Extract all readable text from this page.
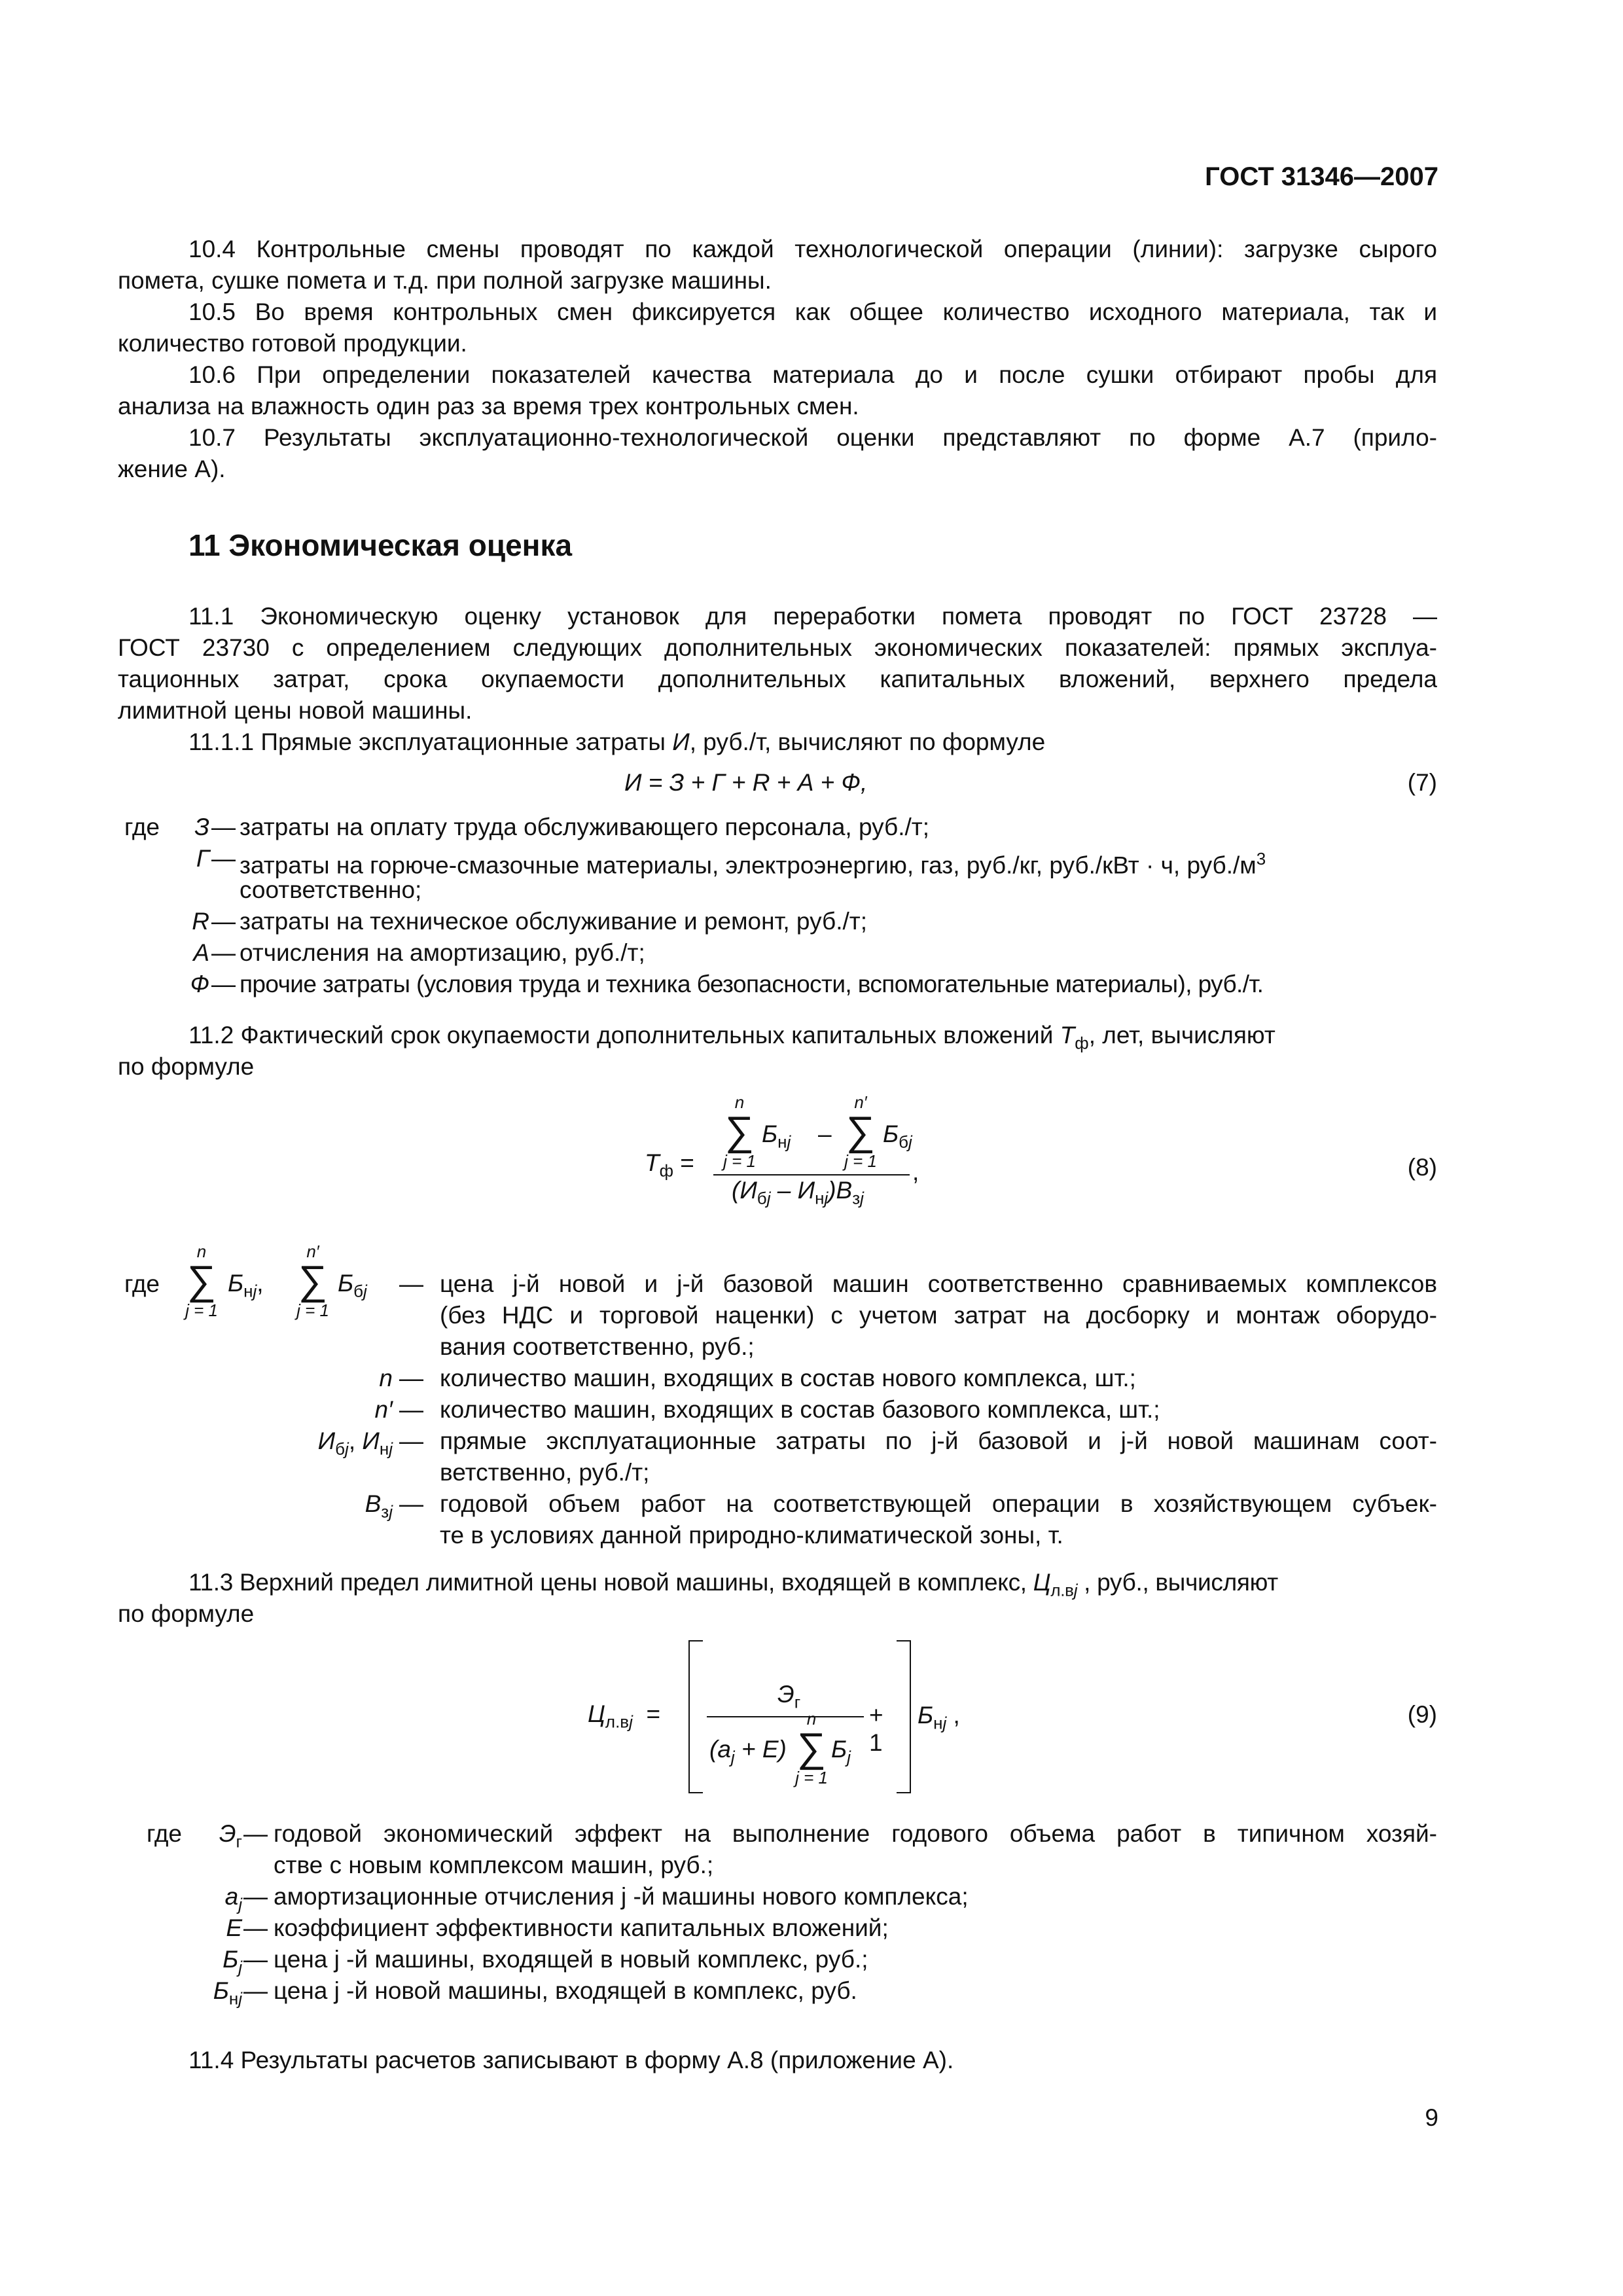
ГОСТ 31346—2007
10.4 Контрольные смены проводят по каждой технологической операции (линии): загрузке сырого
помета, сушке помета и т.д. при полной загрузке машины.
10.5 Во время контрольных смен фиксируется как общее количество исходного материала, так и
количество готовой продукции.
10.6 При определении показателей качества материала до и после сушки отбирают пробы для
анализа на влажность один раз за время трех контрольных смен.
10.7 Результаты эксплуатационно-технологической оценки представляют по форме А.7 (прило-
жение А).
11 Экономическая оценка
11.1 Экономическую оценку установок для переработки помета проводят по ГОСТ 23728 —
ГОСТ 23730 с определением следующих дополнительных экономических показателей: прямых эксплуа-
тационных затрат, срока окупаемости дополнительных капитальных вложений, верхнего предела
лимитной цены новой машины.
11.1.1 Прямые эксплуатационные затраты И, руб./т, вычисляют по формуле
И = З + Г + R + А + Ф,	(7)
где	З — затраты на оплату труда обслуживающего персонала, руб./т;
Г — затраты на горюче-смазочные материалы, электроэнергию, газ, руб./кг, руб./кВт · ч, $руб./м^3$
соответственно;
R — затраты на техническое обслуживание и ремонт, руб./т;
А — отчисления на амортизацию, руб./т;
Ф — прочие затраты (условия труда и техника безопасности, вспомогательные материалы), руб./т.
11.2 Фактический срок окупаемости дополнительных капитальных вложений $Т_ф$, лет, вычисляют
по формуле
$Т_ф$ =
n
∑
j = 1
$Б_{нj}$ –
n′
∑
j = 1
$Б_{бj}$
$(И_{бj} - И_{нj})В_{зj}$
,	(8)
где
n
∑
j = 1
$Б_{нj}$,
n′
∑
j = 1
$Б_{бj}$ — цена j-й новой и j-й базовой машин соответственно сравниваемых комплексов
(без НДС и торговой наценки) с учетом затрат на досборку и монтаж оборудо-
вания соответственно, руб.;
n — количество машин, входящих в состав нового комплекса, шт.;
n′ — количество машин, входящих в состав базового комплекса, шт.;
$И_{бj}$, $И_{нj}$ — прямые эксплуатационные затраты по j-й базовой и j-й новой машинам соот-
ветственно, руб./т;
$В_{зj}$ — годовой объем работ на соответствующей операции в хозяйствующем субъек-
те в условиях данной природно-климатической зоны, т.
11.3 Верхний предел лимитной цены новой машины, входящей в комплекс, $Ц_{л.вj}$ , руб., вычисляют
по формуле
$Ц_{л.вj}$ =
$Э_г$
$(a_j + E)$
n
∑
j = 1
$Б_j$
+ 1
$Б_{нj}$ ,	(9)
где	$Э_г$ — годовой экономический эффект на выполнение годового объема работ в типичном хозяй-
стве с новым комплексом машин, руб.;
$a_j$ — амортизационные отчисления j -й машины нового комплекса;
Е — коэффициент эффективности капитальных вложений;
$Б_j$ — цена j -й машины, входящей в новый комплекс, руб.;
$Б_{нj}$ — цена j -й новой машины, входящей в комплекс, руб.
11.4 Результаты расчетов записывают в форму А.8 (приложение А).
9
